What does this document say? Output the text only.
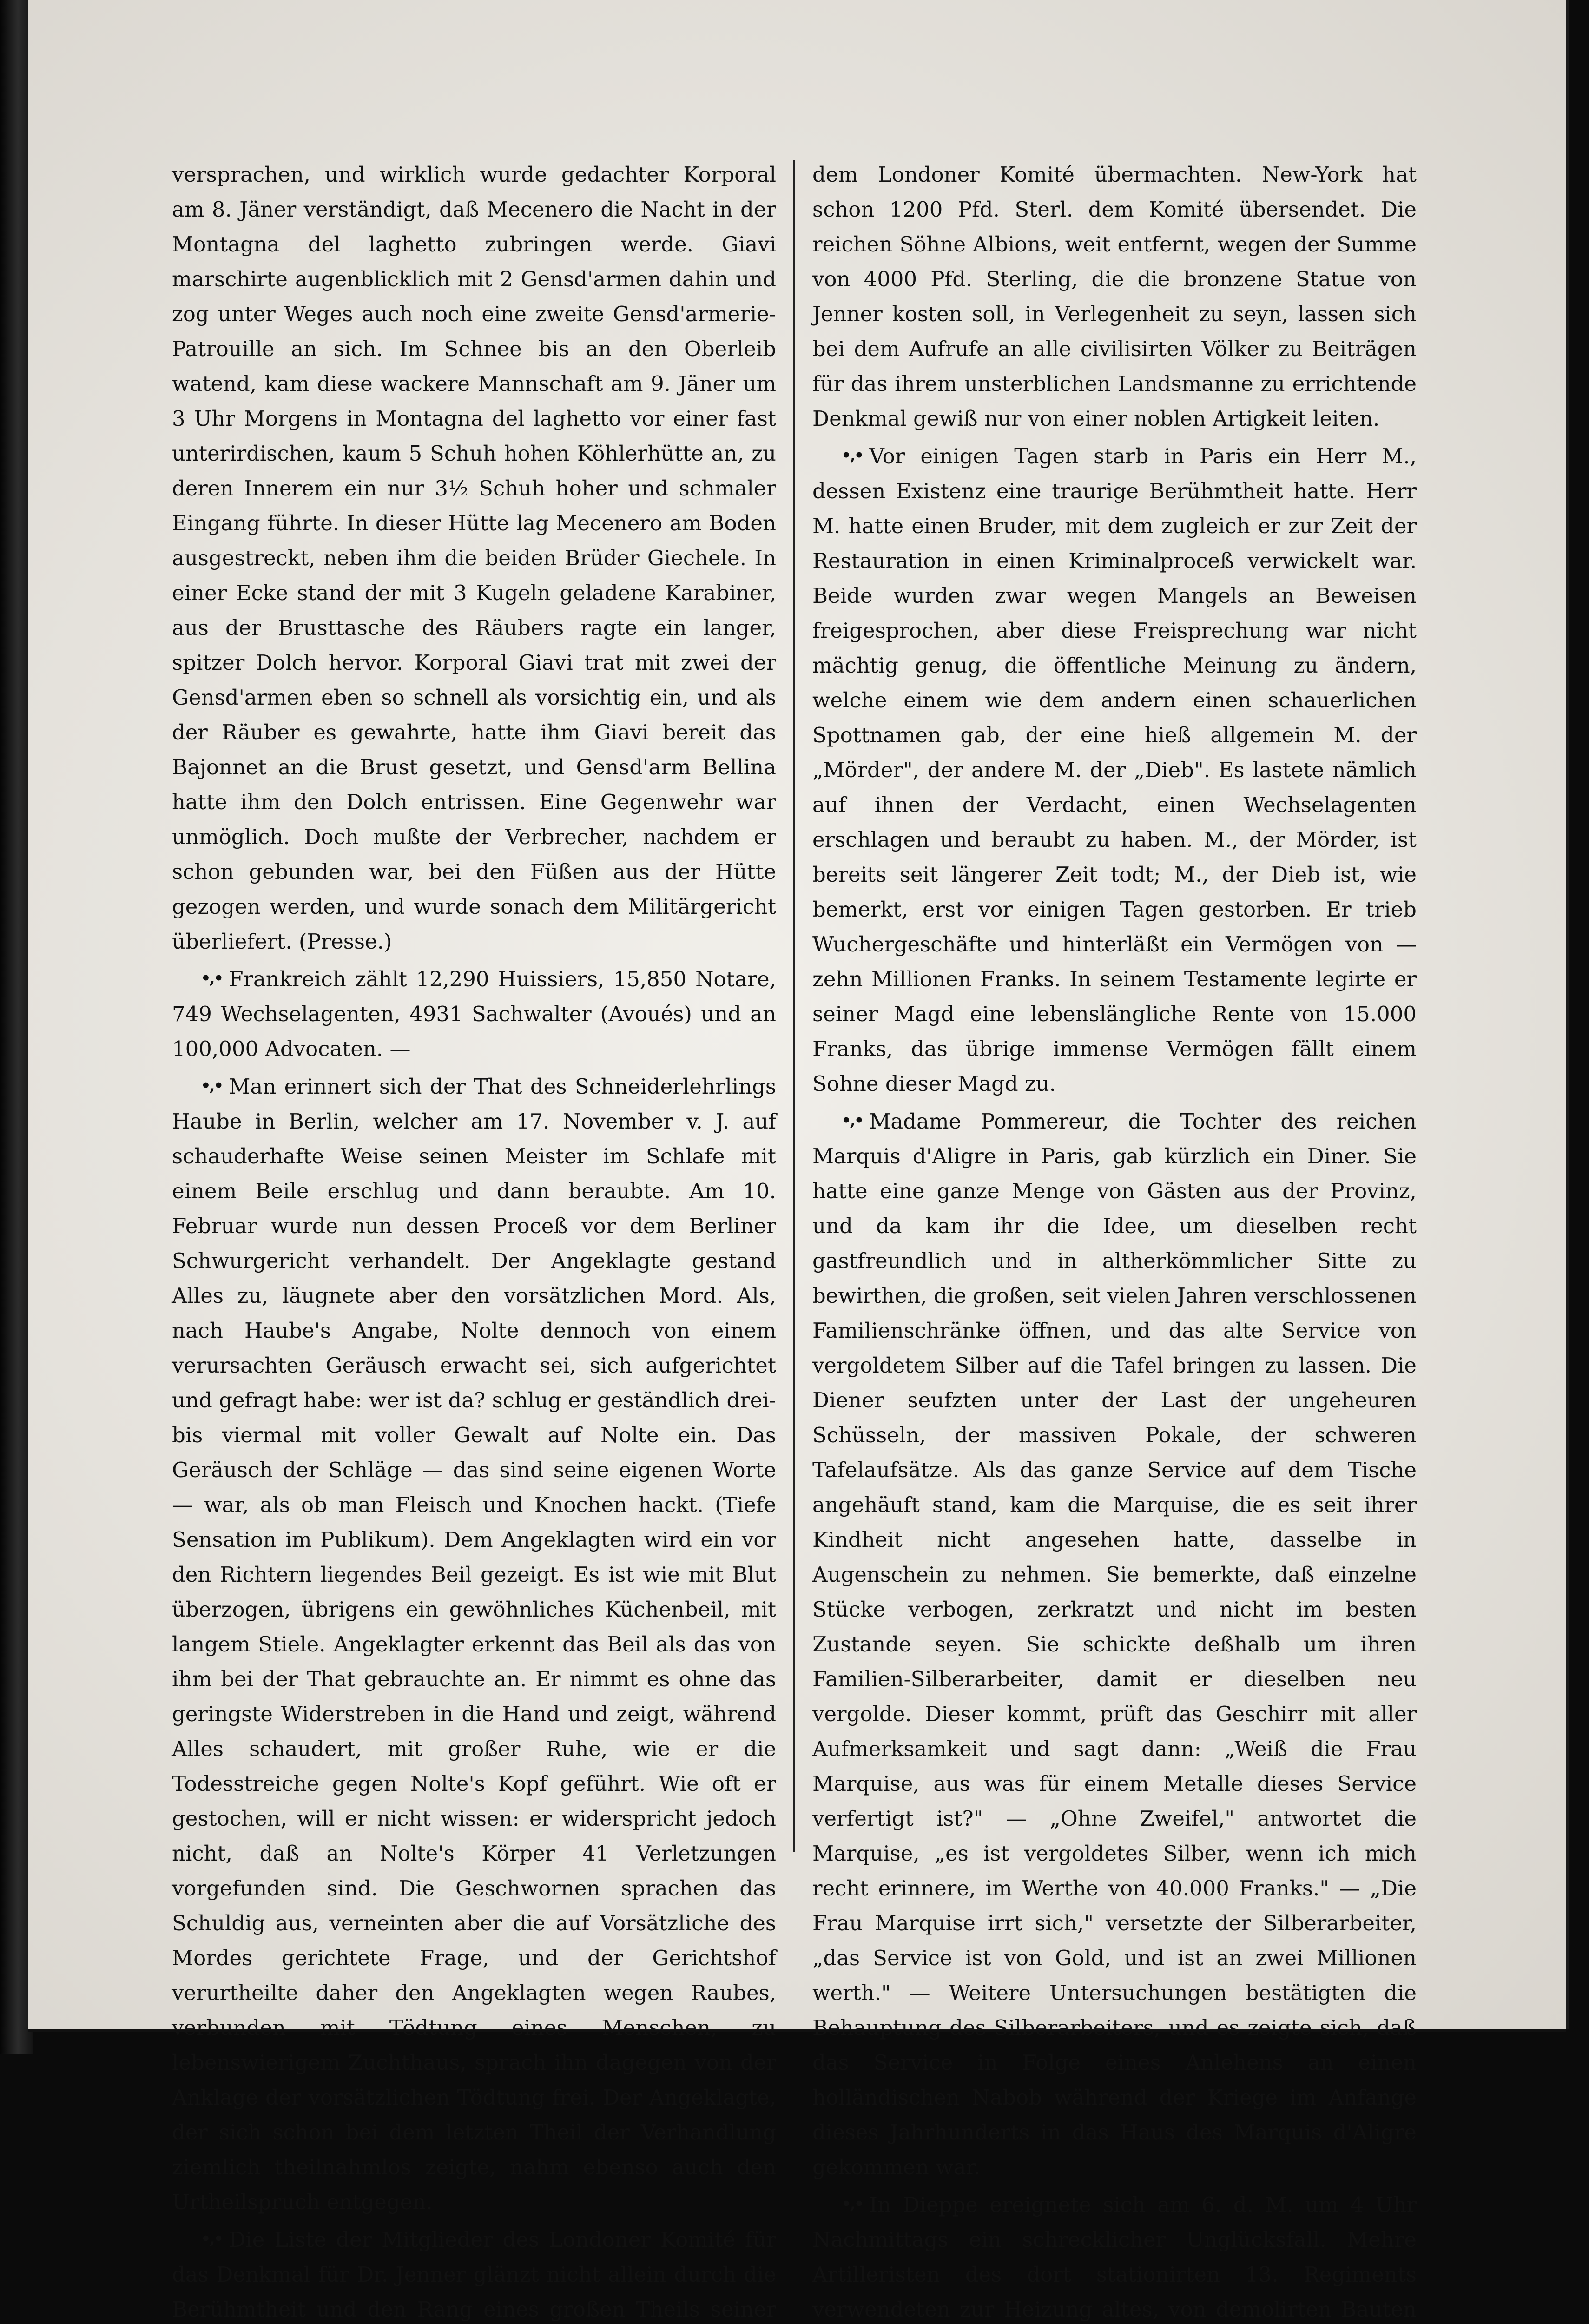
versprachen, und wirklich wurde gedachter Korporal am 8. Jäner verständigt, daß Mecenero die Nacht in der Montagna del laghetto zubringen werde. Giavi marschirte augenblicklich mit 2 Gensd'armen dahin und zog unter Weges auch noch eine zweite Gensd'armerie-Patrouille an sich. Im Schnee bis an den Oberleib watend, kam diese wackere Mannschaft am 9. Jäner um 3 Uhr Morgens in Montagna del laghetto vor einer fast unterirdischen, kaum 5 Schuh hohen Köhlerhütte an, zu deren Innerem ein nur 3½ Schuh hoher und schmaler Eingang führte. In dieser Hütte lag Mecenero am Boden ausgestreckt, neben ihm die beiden Brüder Giechele. In einer Ecke stand der mit 3 Kugeln geladene Karabiner, aus der Brusttasche des Räubers ragte ein langer, spitzer Dolch hervor. Korporal Giavi trat mit zwei der Gensd'armen eben so schnell als vorsichtig ein, und als der Räuber es gewahrte, hatte ihm Giavi bereit das Bajonnet an die Brust gesetzt, und Gensd'arm Bellina hatte ihm den Dolch entrissen. Eine Gegenwehr war unmöglich. Doch mußte der Verbrecher, nachdem er schon gebunden war, bei den Füßen aus der Hütte gezogen werden, und wurde sonach dem Militärgericht überliefert. (Presse.)

•,• Frankreich zählt 12,290 Huissiers, 15,850 Notare, 749 Wechselagenten, 4931 Sachwalter (Avoués) und an 100,000 Advocaten. —

•,• Man erinnert sich der That des Schneiderlehrlings Haube in Berlin, welcher am 17. November v. J. auf schauderhafte Weise seinen Meister im Schlafe mit einem Beile erschlug und dann beraubte. Am 10. Februar wurde nun dessen Proceß vor dem Berliner Schwurgericht verhandelt. Der Angeklagte gestand Alles zu, läugnete aber den vorsätzlichen Mord. Als, nach Haube's Angabe, Nolte dennoch von einem verursachten Geräusch erwacht sei, sich aufgerichtet und gefragt habe: wer ist da? schlug er geständlich drei- bis viermal mit voller Gewalt auf Nolte ein. Das Geräusch der Schläge — das sind seine eigenen Worte — war, als ob man Fleisch und Knochen hackt. (Tiefe Sensation im Publikum). Dem Angeklagten wird ein vor den Richtern liegendes Beil gezeigt. Es ist wie mit Blut überzogen, übrigens ein gewöhnliches Küchenbeil, mit langem Stiele. Angeklagter erkennt das Beil als das von ihm bei der That gebrauchte an. Er nimmt es ohne das geringste Widerstreben in die Hand und zeigt, während Alles schaudert, mit großer Ruhe, wie er die Todesstreiche gegen Nolte's Kopf geführt. Wie oft er gestochen, will er nicht wissen: er widerspricht jedoch nicht, daß an Nolte's Körper 41 Verletzungen vorgefunden sind. Die Geschwornen sprachen das Schuldig aus, verneinten aber die auf Vorsätzliche des Mordes gerichtete Frage, und der Gerichtshof verurtheilte daher den Angeklagten wegen Raubes, verbunden mit Tödtung eines Menschen, zu lebenswierigem Zuchthaus, sprach ihn dagegen von der Anklage der vorsätzlichen Tödtung frei. Der Angeklagte, der sich schon bei dem letzten Theil der Verhandlung ziemlich theilnahmlos zeigte, nahm ebenso auch den Urtheilspruch entgegen.

•,• Die Liste der Mitglieder des Londoner Komité für das Denkmal für Dr. Jenner glänzt nicht allein durch die Berühmtheit und den Rang eines großen Theils seiner

dem Londoner Komité übermachten. New-York hat schon 1200 Pfd. Sterl. dem Komité übersendet. Die reichen Söhne Albions, weit entfernt, wegen der Summe von 4000 Pfd. Sterling, die die bronzene Statue von Jenner kosten soll, in Verlegenheit zu seyn, lassen sich bei dem Aufrufe an alle civilisirten Völker zu Beiträgen für das ihrem unsterblichen Landsmanne zu errichtende Denkmal gewiß nur von einer noblen Artigkeit leiten.

•,• Vor einigen Tagen starb in Paris ein Herr M., dessen Existenz eine traurige Berühmtheit hatte. Herr M. hatte einen Bruder, mit dem zugleich er zur Zeit der Restauration in einen Kriminalproceß verwickelt war. Beide wurden zwar wegen Mangels an Beweisen freigesprochen, aber diese Freisprechung war nicht mächtig genug, die öffentliche Meinung zu ändern, welche einem wie dem andern einen schauerlichen Spottnamen gab, der eine hieß allgemein M. der „Mörder", der andere M. der „Dieb". Es lastete nämlich auf ihnen der Verdacht, einen Wechselagenten erschlagen und beraubt zu haben. M., der Mörder, ist bereits seit längerer Zeit todt; M., der Dieb ist, wie bemerkt, erst vor einigen Tagen gestorben. Er trieb Wuchergeschäfte und hinterläßt ein Vermögen von — zehn Millionen Franks. In seinem Testamente legirte er seiner Magd eine lebenslängliche Rente von 15.000 Franks, das übrige immense Vermögen fällt einem Sohne dieser Magd zu.

•,• Madame Pommereur, die Tochter des reichen Marquis d'Aligre in Paris, gab kürzlich ein Diner. Sie hatte eine ganze Menge von Gästen aus der Provinz, und da kam ihr die Idee, um dieselben recht gastfreundlich und in altherkömmlicher Sitte zu bewirthen, die großen, seit vielen Jahren verschlossenen Familienschränke öffnen, und das alte Service von vergoldetem Silber auf die Tafel bringen zu lassen. Die Diener seufzten unter der Last der ungeheuren Schüsseln, der massiven Pokale, der schweren Tafelaufsätze. Als das ganze Service auf dem Tische angehäuft stand, kam die Marquise, die es seit ihrer Kindheit nicht angesehen hatte, dasselbe in Augenschein zu nehmen. Sie bemerkte, daß einzelne Stücke verbogen, zerkratzt und nicht im besten Zustande seyen. Sie schickte deßhalb um ihren Familien-Silberarbeiter, damit er dieselben neu vergolde. Dieser kommt, prüft das Geschirr mit aller Aufmerksamkeit und sagt dann: „Weiß die Frau Marquise, aus was für einem Metalle dieses Service verfertigt ist?" — „Ohne Zweifel," antwortet die Marquise, „es ist vergoldetes Silber, wenn ich mich recht erinnere, im Werthe von 40.000 Franks." — „Die Frau Marquise irrt sich," versetzte der Silberarbeiter, „das Service ist von Gold, und ist an zwei Millionen werth." — Weitere Untersuchungen bestätigten die Behauptung des Silberarbeiters, und es zeigte sich, daß das Service in Folge eines Anlehens an einen holländischen Nabob während der Kriege im Anfange dieses Jahrhunderts in das Haus des Marquis d'Aligre gekommen war.

•,• In Dieppe ereignete sich am 6. d. M. um 4 Uhr Nachmittags ein schrecklicher Unglücksfall. Mehre Artilleristen des dort stationirten 13. Regiments verwendeten zur Heizung altes, von demolirten Bauten
